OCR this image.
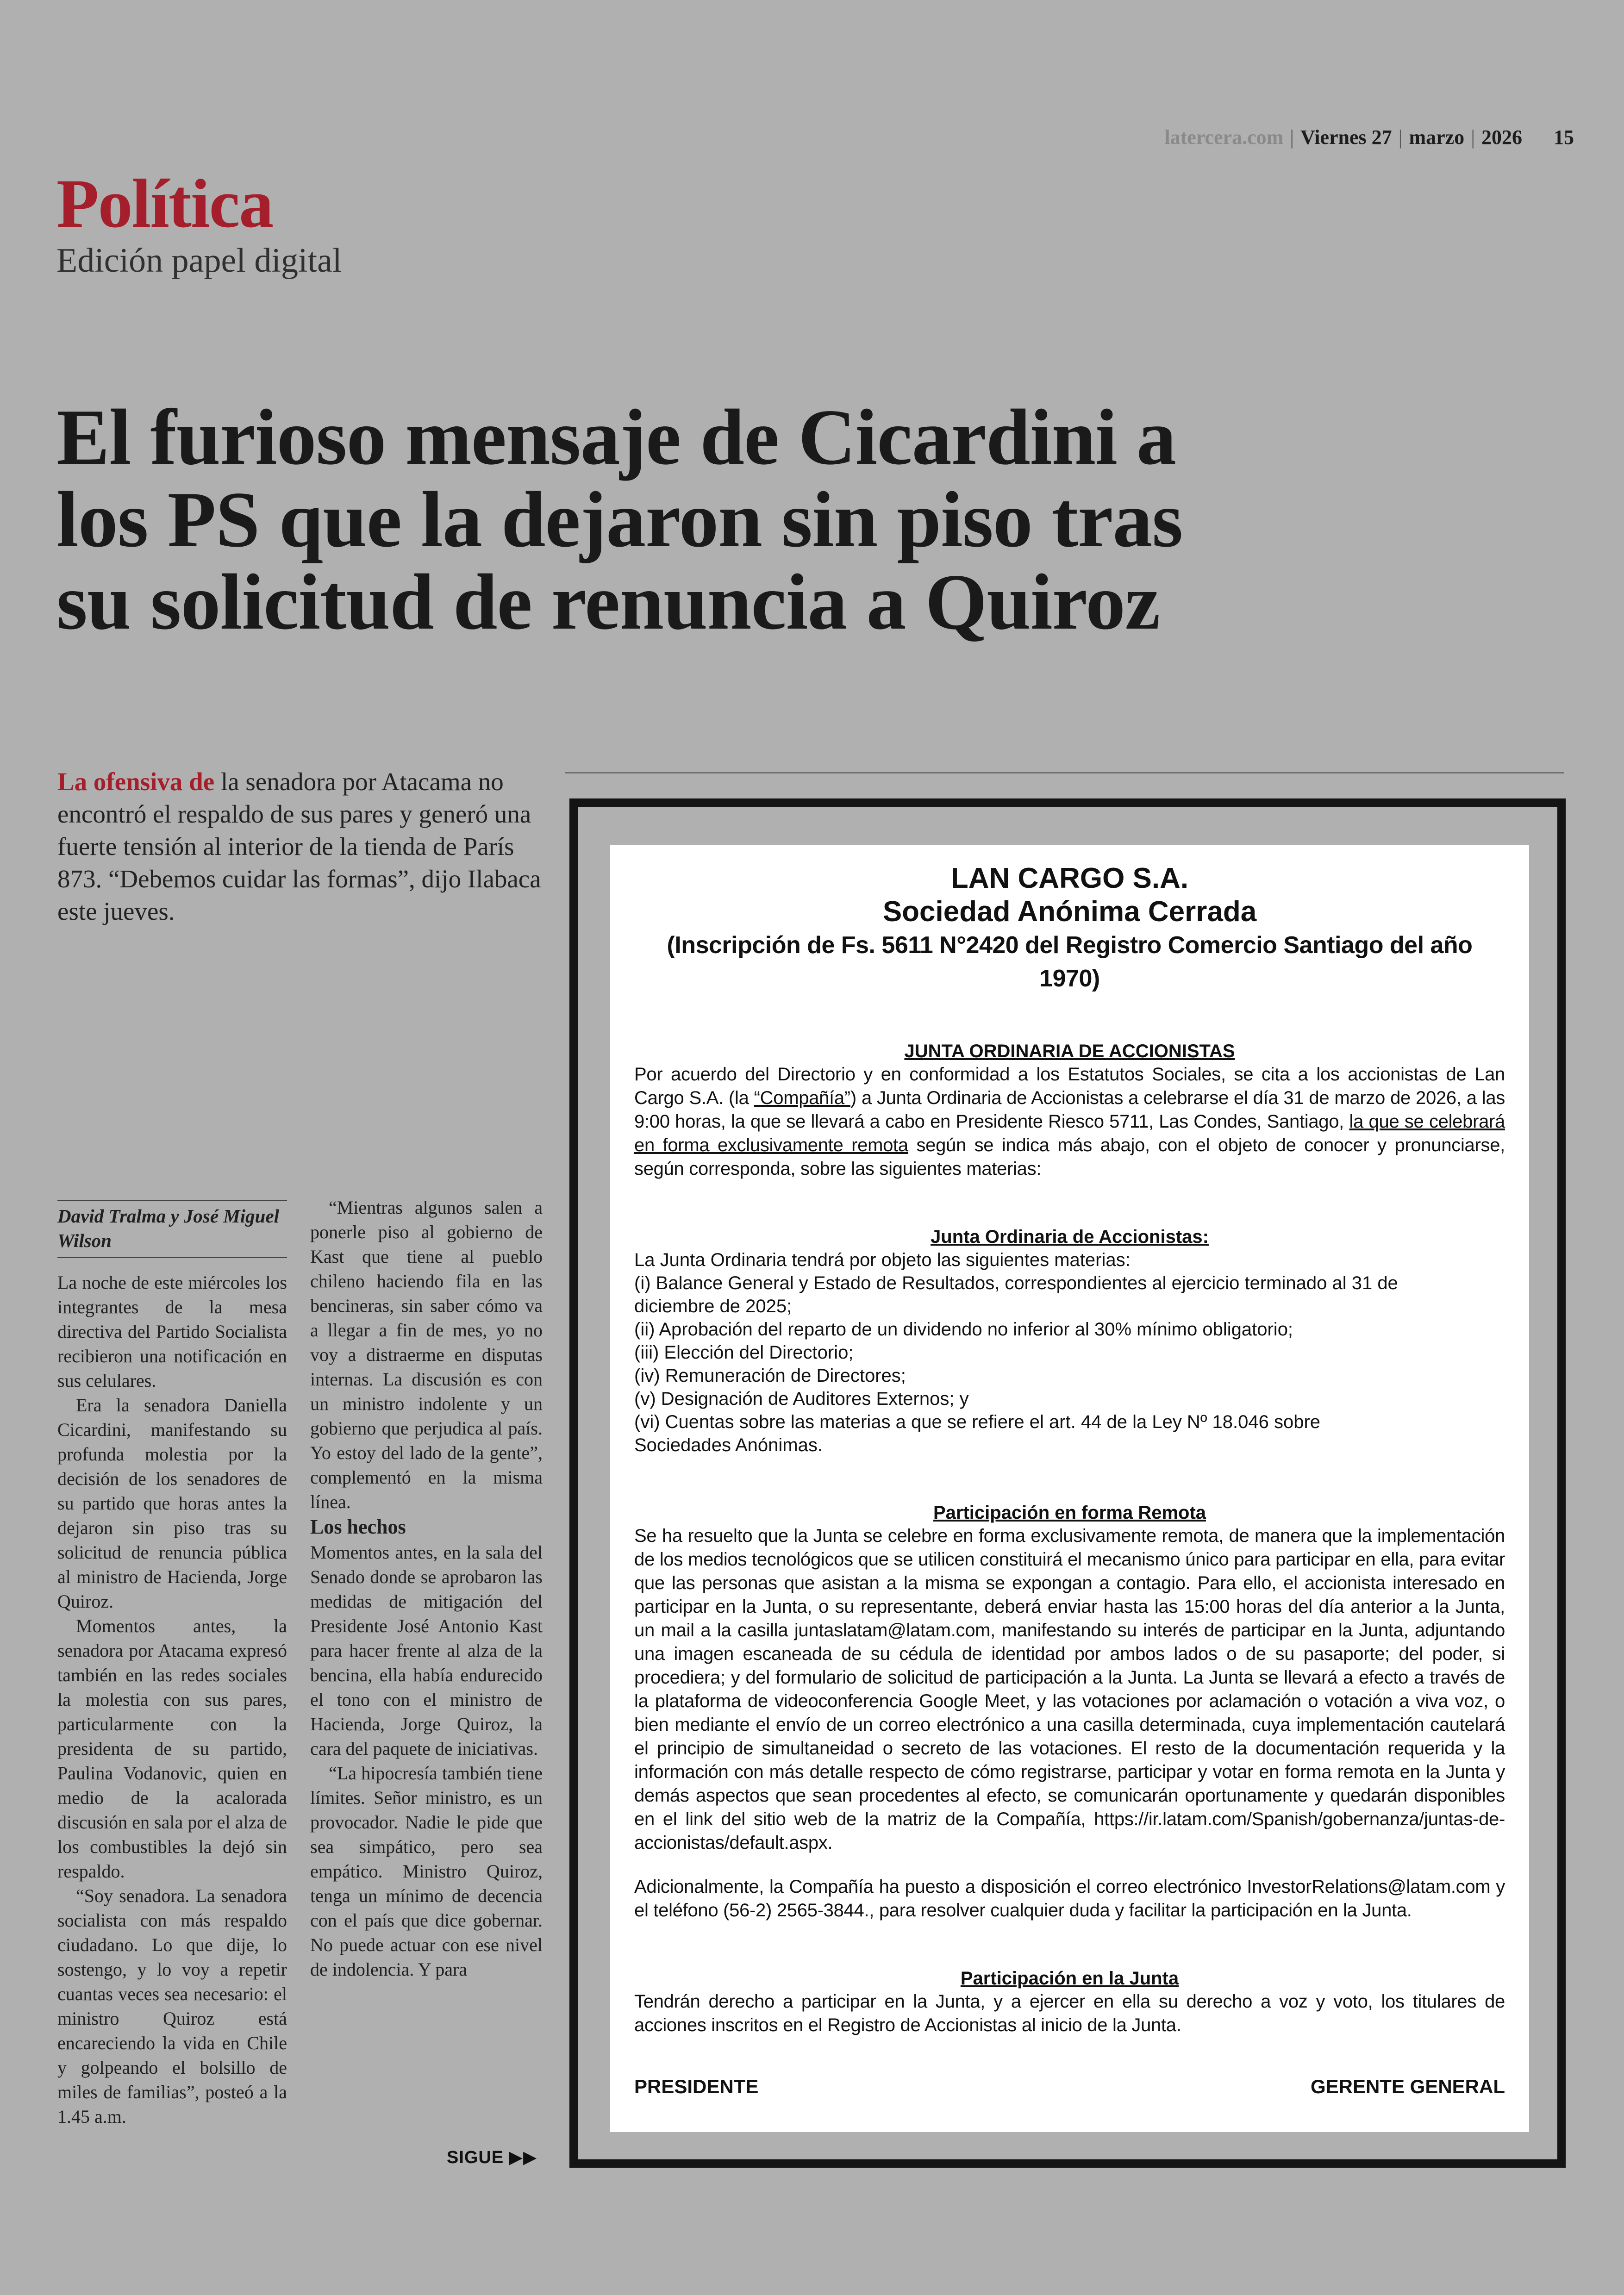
latercera.com | Viernes 27 | marzo | 2026 15
Política
Edición papel digital
El furioso mensaje de Cicardini a los PS que la dejaron sin piso tras su solicitud de renuncia a Quiroz
La ofensiva de la senadora por Atacama no encontró el respaldo de sus pares y generó una fuerte tensión al interior de la tienda de París 873. “Debemos cuidar las formas”, dijo Ilabaca este jueves.
David Tralma y José Miguel Wilson

La noche de este miércoles los integrantes de la mesa directiva del Partido Socialista recibieron una notificación en sus celulares.

Era la senadora Daniella Cicardini, manifestando su profunda molestia por la decisión de los senadores de su partido que horas antes la dejaron sin piso tras su solicitud de renuncia pública al ministro de Hacienda, Jorge Quiroz.

Momentos antes, la senadora por Atacama expresó también en las redes sociales la molestia con sus pares, particularmente con la presidenta de su partido, Paulina Vodanovic, quien en medio de la acalorada discusión en sala por el alza de los combustibles la dejó sin respaldo.

“Soy senadora. La senadora socialista con más respaldo ciudadano. Lo que dije, lo sostengo, y lo voy a repetir cuantas veces sea necesario: el ministro Quiroz está encareciendo la vida en Chile y golpeando el bolsillo de miles de familias”, posteó a la 1.45 a.m.

“Mientras algunos salen a ponerle piso al gobierno de Kast que tiene al pueblo chileno haciendo fila en las bencineras, sin saber cómo va a llegar a fin de mes, yo no voy a distraerme en disputas internas. La discusión es con un ministro indolente y un gobierno que perjudica al país. Yo estoy del lado de la gente”, complementó en la misma línea.

Los hechos

Momentos antes, en la sala del Senado donde se aprobaron las medidas de mitigación del Presidente José Antonio Kast para hacer frente al alza de la bencina, ella había endurecido el tono con el ministro de Hacienda, Jorge Quiroz, la cara del paquete de iniciativas.

“La hipocresía también tiene límites. Señor ministro, es un provocador. Nadie le pide que sea simpático, pero sea empático. Ministro Quiroz, tenga un mínimo de decencia con el país que dice gobernar. No puede actuar con ese nivel de indolencia. Y para

SIGUE ▶▶

LAN CARGO S.A.

Sociedad Anónima Cerrada

(Inscripción de Fs. 5611 N°2420 del Registro Comercio Santiago del año 1970)

JUNTA ORDINARIA DE ACCIONISTAS

Por acuerdo del Directorio y en conformidad a los Estatutos Sociales, se cita a los accionistas de Lan Cargo S.A. (la “Compañía”) a Junta Ordinaria de Accionistas a celebrarse el día 31 de marzo de 2026, a las 9:00 horas, la que se llevará a cabo en Presidente Riesco 5711, Las Condes, Santiago, la que se celebrará en forma exclusivamente remota según se indica más abajo, con el objeto de conocer y pronunciarse, según corresponda, sobre las siguientes materias:

Junta Ordinaria de Accionistas:

La Junta Ordinaria tendrá por objeto las siguientes materias:
(i) Balance General y Estado de Resultados, correspondientes al ejercicio terminado al 31 de diciembre de 2025;
(ii) Aprobación del reparto de un dividendo no inferior al 30% mínimo obligatorio;
(iii) Elección del Directorio;
(iv) Remuneración de Directores;
(v) Designación de Auditores Externos; y
(vi) Cuentas sobre las materias a que se refiere el art. 44 de la Ley Nº 18.046 sobre Sociedades Anónimas.

Participación en forma Remota

Se ha resuelto que la Junta se celebre en forma exclusivamente remota, de manera que la implementación de los medios tecnológicos que se utilicen constituirá el mecanismo único para participar en ella, para evitar que las personas que asistan a la misma se expongan a contagio. Para ello, el accionista interesado en participar en la Junta, o su representante, deberá enviar hasta las 15:00 horas del día anterior a la Junta, un mail a la casilla juntaslatam@latam.com, manifestando su interés de participar en la Junta, adjuntando una imagen escaneada de su cédula de identidad por ambos lados o de su pasaporte; del poder, si procediera; y del formulario de solicitud de participación a la Junta. La Junta se llevará a efecto a través de la plataforma de videoconferencia Google Meet, y las votaciones por aclamación o votación a viva voz, o bien mediante el envío de un correo electrónico a una casilla determinada, cuya implementación cautelará el principio de simultaneidad o secreto de las votaciones. El resto de la documentación requerida y la información con más detalle respecto de cómo registrarse, participar y votar en forma remota en la Junta y demás aspectos que sean procedentes al efecto, se comunicarán oportunamente y quedarán disponibles en el link del sitio web de la matriz de la Compañía, https://ir.latam.com/Spanish/gobernanza/juntas-de-accionistas/default.aspx.

Adicionalmente, la Compañía ha puesto a disposición el correo electrónico InvestorRelations@latam.com y el teléfono (56-2) 2565-3844., para resolver cualquier duda y facilitar la participación en la Junta.

Participación en la Junta

Tendrán derecho a participar en la Junta, y a ejercer en ella su derecho a voz y voto, los titulares de acciones inscritos en el Registro de Accionistas al inicio de la Junta.

PRESIDENTE	GERENTE GENERAL
